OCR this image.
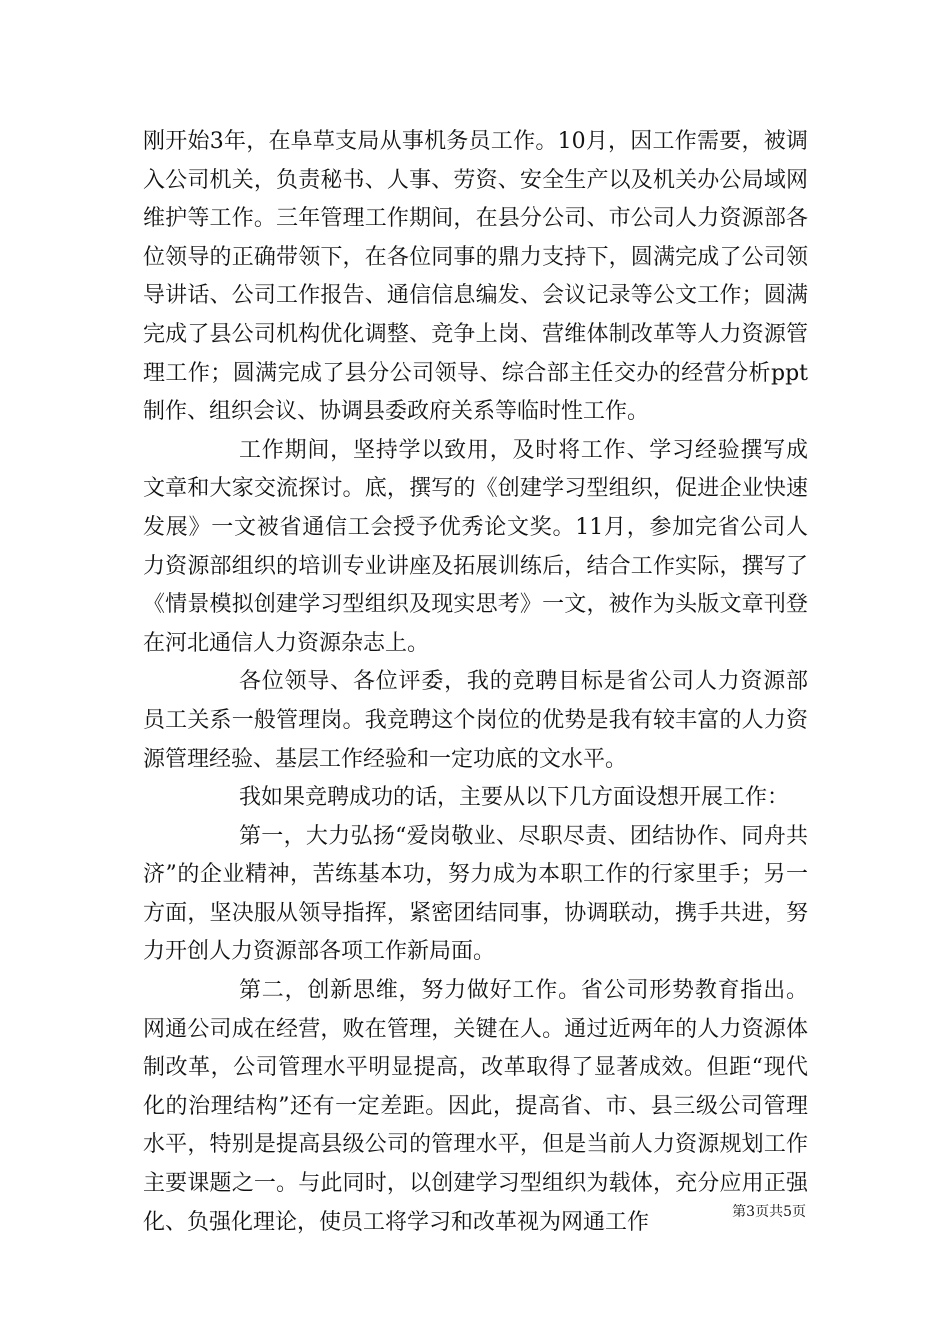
刚开始3年，在阜草支局从事机务员工作。10月，因工作需要，被调入公司机关，负责秘书、人事、劳资、安全生产以及机关办公局域网维护等工作。三年管理工作期间，在县分公司、市公司人力资源部各位领导的正确带领下，在各位同事的鼎力支持下，圆满完成了公司领导讲话、公司工作报告、通信信息编发、会议记录等公文工作；圆满完成了县公司机构优化调整、竞争上岗、营维体制改革等人力资源管理工作；圆满完成了县分公司领导、综合部主任交办的经营分析ppt制作、组织会议、协调县委政府关系等临时性工作。

工作期间，坚持学以致用，及时将工作、学习经验撰写成文章和大家交流探讨。底，撰写的《创建学习型组织，促进企业快速发展》一文被省通信工会授予优秀论文奖。11月，参加完省公司人力资源部组织的培训专业讲座及拓展训练后，结合工作实际，撰写了《情景模拟创建学习型组织及现实思考》一文，被作为头版文章刊登在河北通信人力资源杂志上。

各位领导、各位评委，我的竞聘目标是省公司人力资源部员工关系一般管理岗。我竞聘这个岗位的优势是我有较丰富的人力资源管理经验、基层工作经验和一定功底的文水平。

我如果竞聘成功的话，主要从以下几方面设想开展工作：

第一，大力弘扬“爱岗敬业、尽职尽责、团结协作、同舟共济”的企业精神，苦练基本功，努力成为本职工作的行家里手；另一方面，坚决服从领导指挥，紧密团结同事，协调联动，携手共进，努力开创人力资源部各项工作新局面。

第二，创新思维，努力做好工作。省公司形势教育指出。网通公司成在经营，败在管理，关键在人。通过近两年的人力资源体制改革，公司管理水平明显提高，改革取得了显著成效。但距“现代化的治理结构”还有一定差距。因此，提高省、市、县三级公司管理水平，特别是提高县级公司的管理水平，但是当前人力资源规划工作主要课题之一。与此同时，以创建学习型组织为载体，充分应用正强化、负强化理论，使员工将学习和改革视为网通工作	第3页共5页
